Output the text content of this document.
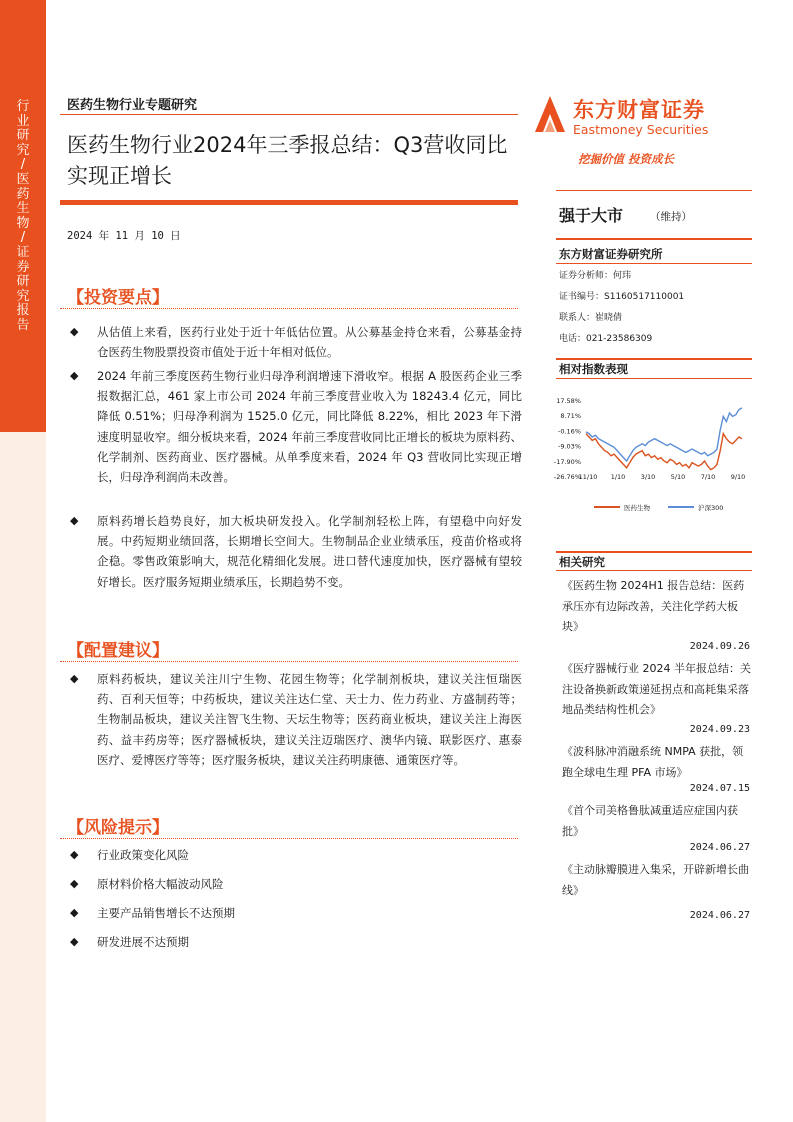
行
业
研
究
/
医
药
生
物
/
证
券
研
究
报
告
医药生物行业专题研究
医药生物行业2024年三季报总结：Q3营收同比实现正增长
2024 年 11 月 10 日
东方财富证券
Eastmoney Securities
挖掘价值 投资成长
强于大市	（维持）
东方财富证券研究所
证券分析师：何玮
证书编号：S1160517110001
联系人：崔晓倩
电话：021-23586309
相对指数表现
17.58%
8.71%
-0.16%
-9.03%
-17.90%
-26.76%
11/10 1/10 3/10 5/10 7/10 9/10
医药生物	沪深300
相关研究
《医药生物 2024H1 报告总结：医药承压亦有边际改善，关注化学药大板块》
2024.09.26
《医疗器械行业 2024 半年报总结：关注设备换新政策递延拐点和高耗集采落地品类结构性机会》
2024.09.23
《波科脉冲消融系统 NMPA 获批，领跑全球电生理 PFA 市场》
2024.07.15
《首个司美格鲁肽减重适应症国内获批》
2024.06.27
《主动脉瓣膜进入集采，开辟新增长曲线》
2024.06.27
【投资要点】
◆ 从估值上来看，医药行业处于近十年低估位置。从公募基金持仓来看，公募基金持仓医药生物股票投资市值处于近十年相对低位。
◆ 2024 年前三季度医药生物行业归母净利润增速下滑收窄。根据 A 股医药企业三季报数据汇总，461 家上市公司 2024 年前三季度营业收入为 18243.4 亿元，同比降低 0.51%；归母净利润为 1525.0 亿元，同比降低 8.22%，相比 2023 年下滑速度明显收窄。细分板块来看，2024 年前三季度营收同比正增长的板块为原料药、化学制剂、医药商业、医疗器械。从单季度来看，2024 年 Q3 营收同比实现正增长，归母净利润尚未改善。
◆ 原料药增长趋势良好，加大板块研发投入。化学制剂轻松上阵，有望稳中向好发展。中药短期业绩回落，长期增长空间大。生物制品企业业绩承压，疫苗价格或将企稳。零售政策影响大，规范化精细化发展。进口替代速度加快，医疗器械有望较好增长。医疗服务短期业绩承压，长期趋势不变。
【配置建议】
◆ 原料药板块，建议关注川宁生物、花园生物等；化学制剂板块，建议关注恒瑞医药、百利天恒等；中药板块，建议关注达仁堂、天士力、佐力药业、方盛制药等；生物制品板块，建议关注智飞生物、天坛生物等；医药商业板块，建议关注上海医药、益丰药房等；医疗器械板块，建议关注迈瑞医疗、澳华内镜、联影医疗、惠泰医疗、爱博医疗等等；医疗服务板块，建议关注药明康德、通策医疗等。
【风险提示】
◆ 行业政策变化风险
◆ 原材料价格大幅波动风险
◆ 主要产品销售增长不达预期
◆ 研发进展不达预期
